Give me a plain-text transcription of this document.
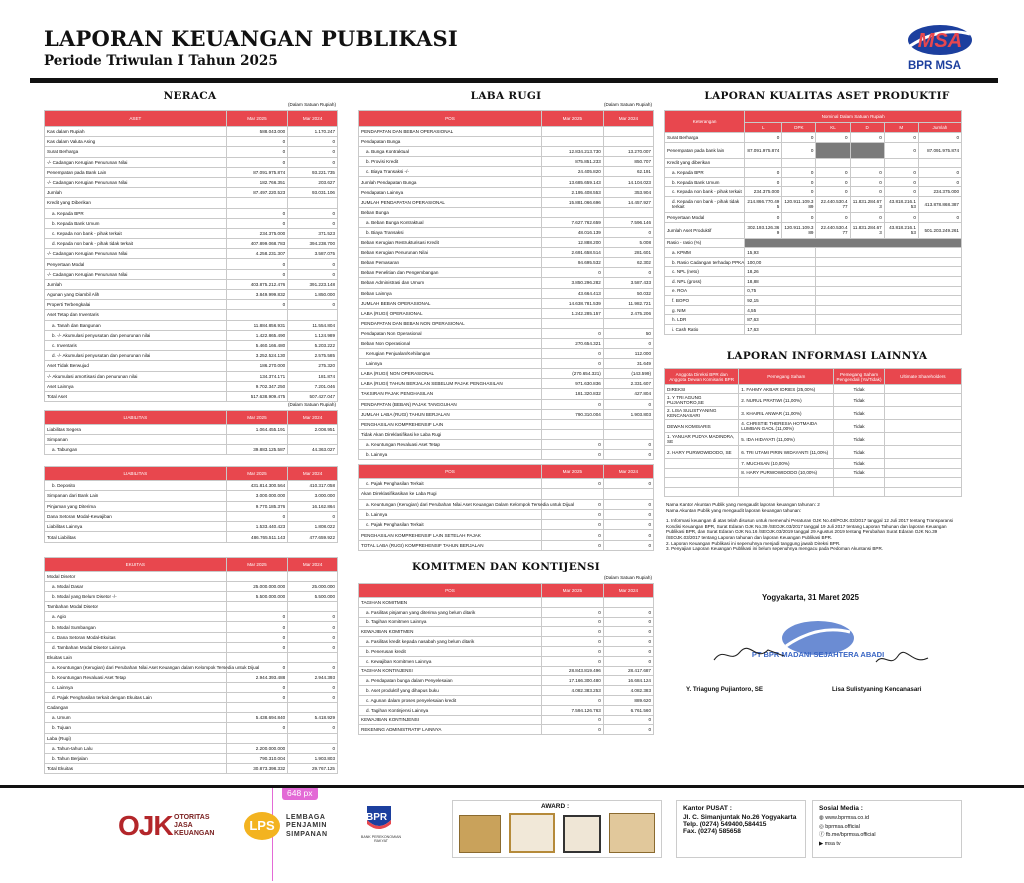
LAPORAN KEUANGAN PUBLIKASI
Periode Triwulan I Tahun 2025
MSA
BPR MSA
NERACA
(Dalam Satuan Rupiah)
ASET	Mar 2025	Mar 2024
Kas dalam Rupiah	588.043.000	1.170.247
Kas dalam Valuta Asing	0	0
Surat Berharga	0	0
-/- Cadangan Kerugian Penurunan Nilai	0	0
Penempatan pada Bank Lain	87.091.975.874	93.221.735
-/- Cadangan Kerugian Penurunan Nilai	182.766.351	203.627
Jumlah	87.497.220.523	93.031.106
Kredit yang Diberikan		
a. Kepada BPR	0	0
b. Kepada Bank Umum	0	0
c. Kepada non bank - pihak terkait	234.375.000	371.523
d. Kepada non bank - pihak tidak terkait	407.899.068.783	394.238.700
-/- Cadangan Kerugian Penurunan Nilai	4.258.231.307	3.587.075
Penyertaan Modal	0	0
-/- Cadangan Kerugian Penurunan Nilai	0	0
Jumlah	403.875.212.476	391.223.148
Agunan yang Diambil Alih	3.849.999.832	1.850.000
Properti Terbengkalai	0	0
Aset Tetap dan Inventaris		
a. Tanah dan Bangunan	11.884.856.931	11.554.804
b. -/- Akumulasi penyusutan dan penurunan nilai	1.422.865.490	1.124.989
c. Inventaris	5.460.166.480	5.203.222
d. -/- Akumulasi penyusutan dan penurunan nilai	3.252.524.130	2.575.585
Aset Tidak Berwujud	186.270.000	275.320
-/- Akumulasi amortisasi dan penurunan nilai	134.374.171	181.874
Aset Lainnya	9.702.347.250	7.201.046
Total Aset	517.638.909.475	507.427.047
(Dalam Satuan Rupiah)
LIABILITAS	Mar 2025	Mar 2024
Liabilitas Segera	1.064.455.191	2.008.951
Simpanan		
a. Tabungan	39.883.125.587	44.363.027
LIABILITAS	Mar 2025	Mar 2024
b. Deposito	431.814.300.564	410.317.058
Simpanan dari Bank Lain	3.000.000.000	3.000.000
Pinjaman yang Diterima	9.770.185.376	16.162.864
Dana Setoran Modal-Kewajiban	0	0
Liabilitas Lainnya	1.533.440.423	1.808.022
Total Liabilitas	486.765.511.143	477.659.922
EKUITAS	Mar 2025	Mar 2024
Modal Disetor		
a. Modal Dasar	25.000.000.000	25.000.000
b. Modal yang Belum Disetor -/-	5.500.000.000	5.500.000
Tambahan Modal Disetor		
a. Agio	0	0
b. Modal Sumbangan	0	0
c. Dana Setoran Modal-Ekuitas	0	0
d. Tambahan Modal Disetor Lainnya	0	0
Ekuitas Lain		
a. Keuntungan (Kerugian) dari Perubahan Nilai Aset Keuangan dalam Kelompok Tersedia untuk Dijual	0	0
b. Keuntungan Revaluasi Aset Tetap	2.944.393.488	2.944.393
c. Lainnya	0	0
d. Pajak Penghasilan terkait dengan Ekuitas Lain	0	0
Cadangan		
a. Umum	5.438.694.840	5.418.929
b. Tujuan	0	0
Laba (Rugi)		
a. Tahun-tahun Lalu	2.200.000.000	0
b. Tahun Berjalan	790.310.004	1.903.803
Total Ekuitas	30.873.398.332	29.767.125
LABA RUGI
(Dalam Satuan Rupiah)
POS	Mar 2025	Mar 2024
PENDAPATAN DAN BEBAN OPERASIONAL		
Pendapatan Bunga		
a. Bunga Kontraktual	12.834.213.730	13.270.007
b. Provisi Kredit	875.851.233	850.707
c. Biaya Transaksi -/-	24.405.820	62.191
Jumlah Pendapatan Bunga	13.685.659.143	14.104.023
Pendapatan Lainnya	2.195.408.553	353.904
JUMLAH PENDAPATAN OPERASIONAL	15.881.066.696	14.457.927
Beban Bunga		
a. Beban Bunga Kontraktual	7.627.762.659	7.596.146
b. Biaya Transaksi	48.016.139	0
Beban Kerugian Restrukturisasi Kredit	12.888.200	5.008
Beban Kerugian Penurunan Nilai	2.691.658.514	281.601
Beban Pemasaran	94.695.532	62.302
Beban Penelitian dan Pengembangan	0	0
Beban Administrasi dan Umum	3.850.296.282	3.587.433
Beban Lainnya	43.664.413	50.032
JUMLAH BEBAN OPERASIONAL	14.638.781.539	11.982.721
LABA (RUGI) OPERASIONAL	1.242.285.157	2.475.206
PENDAPATAN DAN BEBAN NON OPERASIONAL		
Pendapatan Non Operasional	0	50
Beban Non Operasional	270.654.321	0
Kerugian Penjualan/Kehilangan	0	112.000
Lainnya	0	31.649
LABA (RUGI) NON OPERASIONAL	(270.654.321)	(143.599)
LABA (RUGI) TAHUN BERJALAN SEBELUM PAJAK PENGHASILAN	971.630.836	2.331.607
TAKSIRAN PAJAK PENGHASILAN	181.320.832	427.804
PENDAPATAN (BEBAN) PAJAK TANGGUHAN	0	0
JUMLAH LABA (RUGI) TAHUN BERJALAN	790.310.004	1.903.803
PENGHASILAN KOMPREHENSIF LAIN		
Tidak Akan Direklasifikasi ke Laba Rugi		
a. Keuntungan Revaluasi Aset Tetap	0	0
b. Lainnya	0	0
POS	Mar 2025	Mar 2024
c. Pajak Penghasilan Terkait	0	0
Akan Direklasifikasikan ke Laba Rugi		
a. Keuntungan (Kerugian) dari Perubahan Nilai Aset Keuangan Dalam Kelompok Tersedia untuk Dijual	0	0
b. Lainnya	0	0
c. Pajak Penghasilan Terkait	0	0
PENGHASILAN KOMPREHENSIF LAIN SETELAH PAJAK	0	0
TOTAL LABA (RUGI) KOMPREHENSIF TAHUN BERJALAN	0	0
KOMITMEN DAN KONTIJENSI
(Dalam Satuan Rupiah)
POS	Mar 2025	Mar 2024
TAGIHAN KOMITMEN		
a. Fasilitas pinjaman yang diterima yang belum ditarik	0	0
b. Tagihan Komitmen Lainnya	0	0
KEWAJIBAN KOMITMEN	0	0
a. Fasilitas kredit kepada nasabah yang belum ditarik	0	0
b. Penerusan kredit	0	0
c. Kewajiban Komitmen Lainnya	0	0
TAGIHAN KONTINJENSI	28.843.819.496	28.417.687
a. Pendapatan bunga dalam Penyelesaian	17.166.300.480	16.684.124
b. Aset produktif yang dihapus buku	4.082.383.253	4.082.383
c. Agunan dalam proses penyelesaian kredit	0	889.620
d. Tagihan Kontinjensi Lainnya	7.594.126.763	6.761.560
KEWAJIBAN KONTINJENSI	0	0
REKENING ADMINISTRATIF LAINNYA	0	0
LAPORAN KUALITAS ASET PRODUKTIF
Keterangan	Nominal Dalam Satuan Rupiah					
	L	DPK	KL	D	M	Jumlah
Surat Berharga	0	0	0	0	0	0
Penempatan pada bank lain	87.091.975.874	0			0	87.091.975.874
Kredit yang diberikan						
a. Kepada BPR	0	0	0	0	0	0
b. Kepada Bank Umum	0	0	0	0	0	0
c. Kepada non bank - pihak terkait	234.375.000	0	0	0	0	234.375.000
d. Kepada non bank - pihak tidak terkait	214.866.770.495	120.911.109.389	22.440.530.477	11.831.284.673	43.818.216.153	413.878.868.387
Penyertaan Modal	0	0	0	0	0	0
Jumlah Aset Produktif	302.193.126.369	120.911.109.389	22.440.530.477	11.831.284.673	43.818.216.153	501.203.249.261
Rasio - rasio (%)						
a. KPMM	15,93					
b. Rasio Cadangan terhadap PPKA	100,00					
c. NPL (neto)	18,26					
d. NPL (gross)	18,88					
e. ROA	0,75					
f. BOPO	92,15					
g. NIM	4,55					
h. LDR	87,63					
i. Cash Ratio	17,63					
LAPORAN INFORMASI LAINNYA
Anggota Direksi BPR dan Anggota Dewan Komisaris BPR	Pemegang Saham	Pemegang Saham Pengendali (Ya/Tidak)	Ultimate Shareholders
DIREKSI	1. FAHMY AKBAR IDRIES (25,00%)	Tidak	
1. Y TRI AGUNG PUJIANTORO,SE	2. NURUL PRATIWI (11,00%)	Tidak	
2. LISA SULISTYANING KENCANASARI	3. KHAIRIL ANWAR (11,00%)	Tidak	
DEWAN KOMISARIS	4. CHRISTIE THERESIA HOTMAIDA LUMBAN GAOL (11,00%)	Tidak	
1. YANUAR PUDYA MADINDRA, SE	5. IDA HIDAYATI (11,00%)	Tidak	
2. HARY PURWOWIDODO, SE	6. TRI UTAMI PIRIN WIDAYANTI (11,00%)	Tidak	
	7. MUCHSAN (10,00%)	Tidak	
	8. HARY PURWOWIDODO (10,00%)	Tidak	

Nama Kantor Akuntan Publik yang mengaudit laporan keuangan tahunan: 2
Nama Akuntan Publik yang mengaudit laporan keuangan tahunan:
1. Informasi keuangan di atas telah disusun untuk memenuhi Peraturan OJK No.48/POJK.03/2017 tanggal 12 Juli 2017 tentang Transparansi Kondisi Keuangan BPR, Surat Edaran OJK No.39 /SEOJK.03/2017 tanggal 19 Juli 2017 tentang Laporan Tahunan dan laporan Keuangan Publikasi BPR, dan Surat Edaran OJK No.16 /SEOJK.03/2019 tanggal 29 Agustus 2019 tentang Perubahan Surat Edaran OJK No.39 /SEOJK.03/2017 tentang Laporan tahunan dan laporan Keuangan Publikasi BPR.
2. Laporan Keuangan Publikasi ini sepenuhnya menjadi tanggung jawab Direksi BPR.
3. Penyajian Laporan Keuangan Publikasi ini belum sepenuhnya mengacu pada Pedoman Akuntansi BPR.
Yogyakarta, 31 Maret 2025
PT BPR MADANI SEJAHTERA ABADI
Y. Triagung Pujiantoro, SE	Lisa Sulistyaning Kencanasari
648 px
OJK OTORITAS
JASA
KEUANGAN
LPS
LEMBAGA
PENJAMIN
SIMPANAN
BPR
BANK PEREKONOMIAN RAKYAT
AWARD :	Kantor PUSAT :
Jl. C. Simanjuntak No.26 Yogyakarta
Telp. (0274) 549400,584415
Fax. (0274) 585658
Sosial Media :
◍ www.bprmsa.co.id
◎ bprmsa.official
ⓕ fb.me/bprmsa.official
▶ msa tv
